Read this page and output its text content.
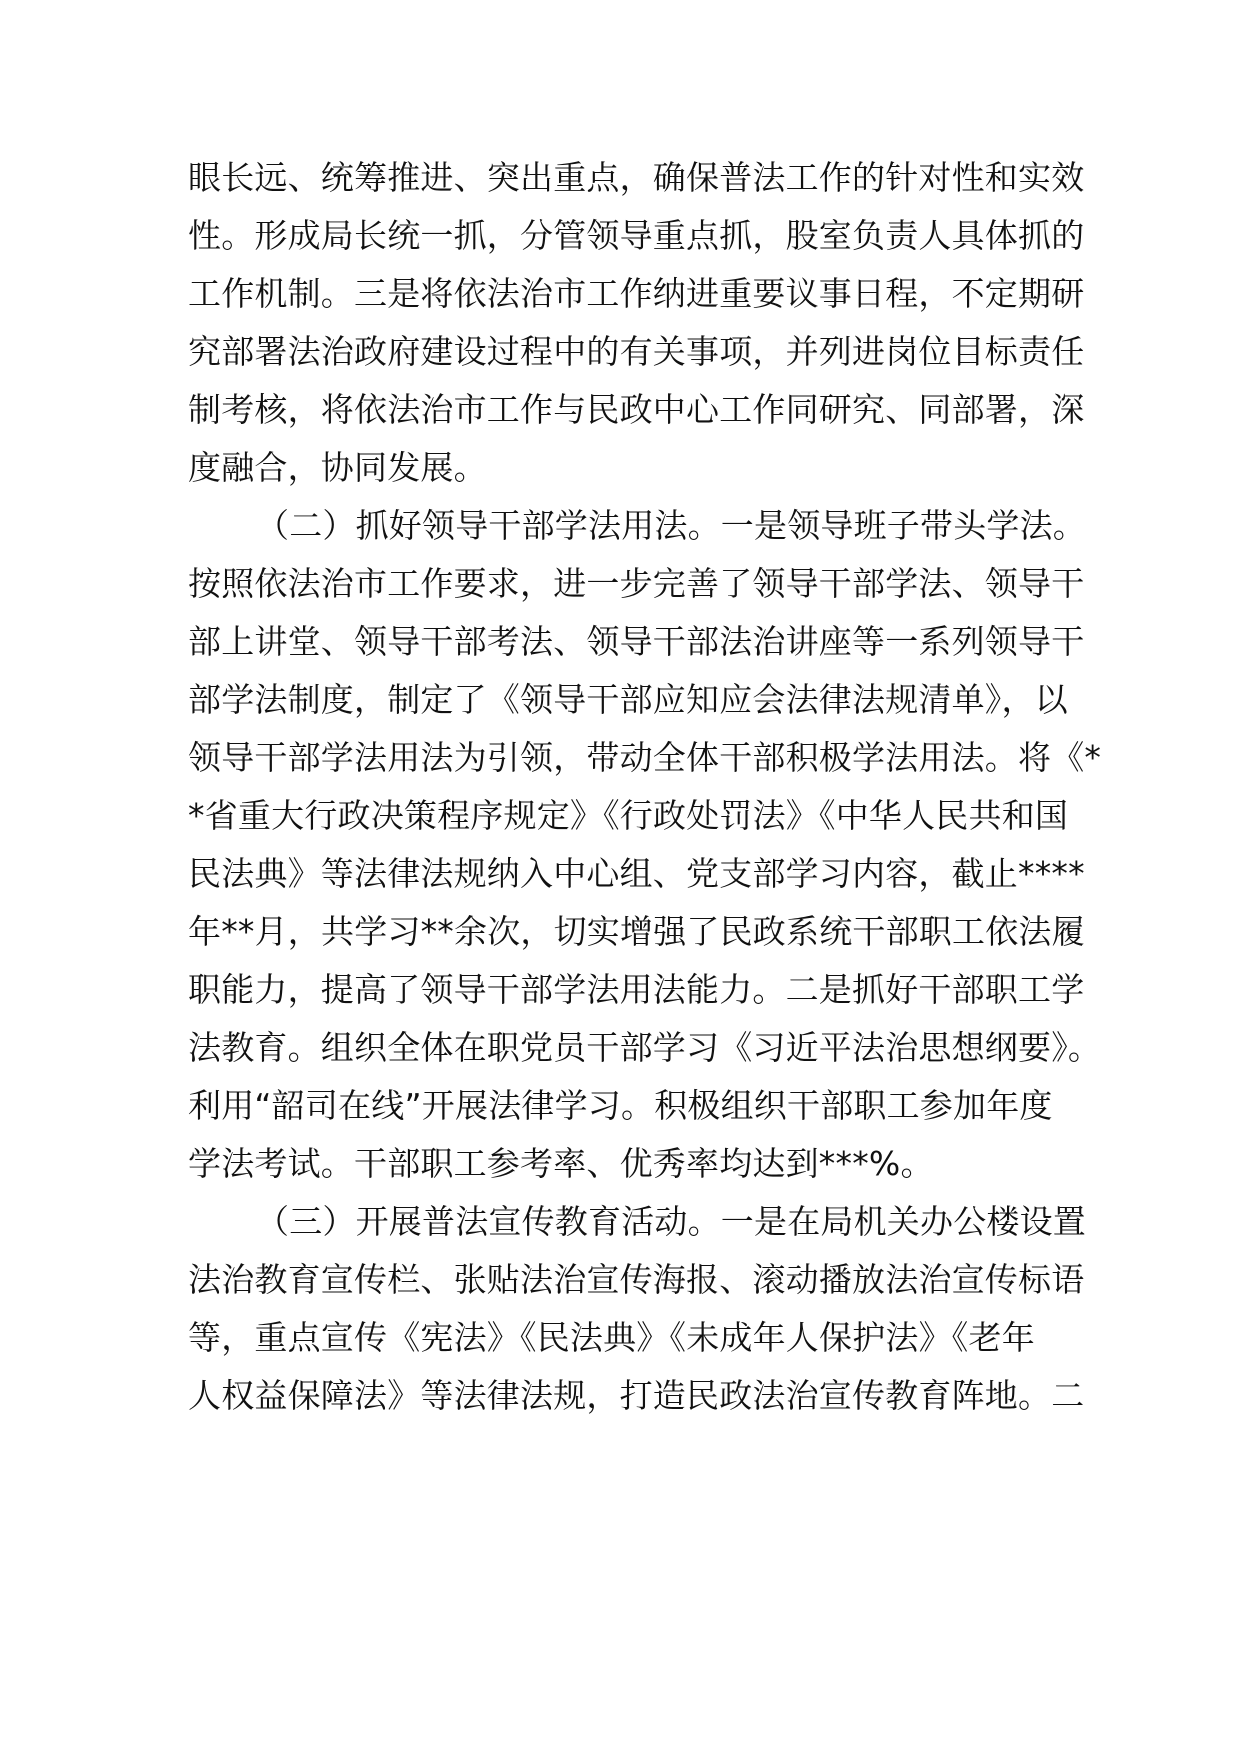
眼长远、统筹推进、突出重点，确保普法工作的针对性和实效
性。形成局长统一抓，分管领导重点抓，股室负责人具体抓的
工作机制。三是将依法治市工作纳进重要议事日程，不定期研
究部署法治政府建设过程中的有关事项，并列进岗位目标责任
制考核，将依法治市工作与民政中心工作同研究、同部署，深
度融合，协同发展。
（二）抓好领导干部学法用法。一是领导班子带头学法。
按照依法治市工作要求，进一步完善了领导干部学法、领导干
部上讲堂、领导干部考法、领导干部法治讲座等一系列领导干
部学法制度，制定了《领导干部应知应会法律法规清单》，以
领导干部学法用法为引领，带动全体干部积极学法用法。将《*
*省重大行政决策程序规定》《行政处罚法》《中华人民共和国
民法典》等法律法规纳入中心组、党支部学习内容，截止****
年**月，共学习**余次，切实增强了民政系统干部职工依法履
职能力，提高了领导干部学法用法能力。二是抓好干部职工学
法教育。组织全体在职党员干部学习《习近平法治思想纲要》。
利用“韶司在线”开展法律学习。积极组织干部职工参加年度
学法考试。干部职工参考率、优秀率均达到***%。
（三）开展普法宣传教育活动。一是在局机关办公楼设置
法治教育宣传栏、张贴法治宣传海报、滚动播放法治宣传标语
等，重点宣传《宪法》《民法典》《未成年人保护法》《老年
人权益保障法》等法律法规，打造民政法治宣传教育阵地。二
